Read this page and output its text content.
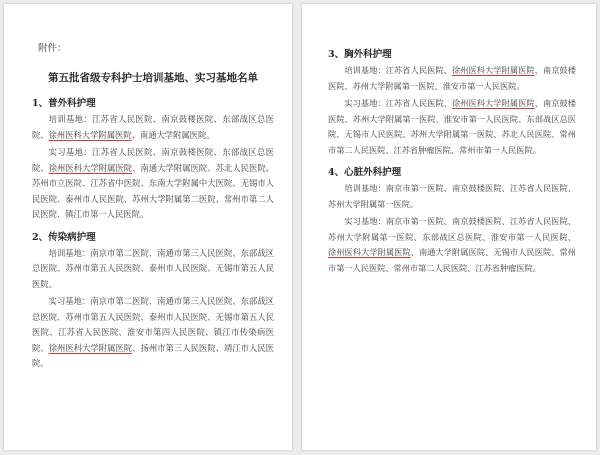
附件：
第五批省级专科护士培训基地、实习基地名单
1、普外科护理

培训基地：江苏省人民医院、南京鼓楼医院、东部战区总医院、徐州医科大学附属医院、南通大学附属医院。

实习基地：江苏省人民医院、南京鼓楼医院、东部战区总医院、徐州医科大学附属医院、南通大学附属医院、苏北人民医院、苏州市立医院、江苏省中医院、东南大学附属中大医院、无锡市人民医院、泰州市人民医院、苏州大学附属第二医院、常州市第二人民医院、镇江市第一人民医院。

2、传染病护理

培训基地：南京市第二医院、南通市第三人民医院、东部战区总医院、苏州市第五人民医院、泰州市人民医院、无锡市第五人民医院。

实习基地：南京市第二医院、南通市第三人民医院、东部战区总医院、苏州市第五人民医院、泰州市人民医院、无锡市第五人民医院、江苏省人民医院、淮安市第四人民医院、镇江市传染病医院、徐州医科大学附属医院、扬州市第三人民医院、靖江市人民医院。

3、胸外科护理

培训基地：江苏省人民医院、徐州医科大学附属医院、南京鼓楼医院、苏州大学附属第一医院、淮安市第一人民医院。

实习基地：江苏省人民医院、徐州医科大学附属医院、南京鼓楼医院、苏州大学附属第一医院、淮安市第一人民医院、东部战区总医院、无锡市人民医院、苏州大学附属第一医院、苏北人民医院、常州市第二人民医院、江苏省肿瘤医院、常州市第一人民医院。

4、心脏外科护理

培训基地：南京市第一医院、南京鼓楼医院、江苏省人民医院、苏州大学附属第一医院。

实习基地：南京市第一医院、南京鼓楼医院、江苏省人民医院、苏州大学附属第一医院、东部战区总医院、淮安市第一人民医院、徐州医科大学附属医院、南通大学附属医院、无锡市人民医院、常州市第一人民医院、常州市第二人民医院、江苏省肿瘤医院。
